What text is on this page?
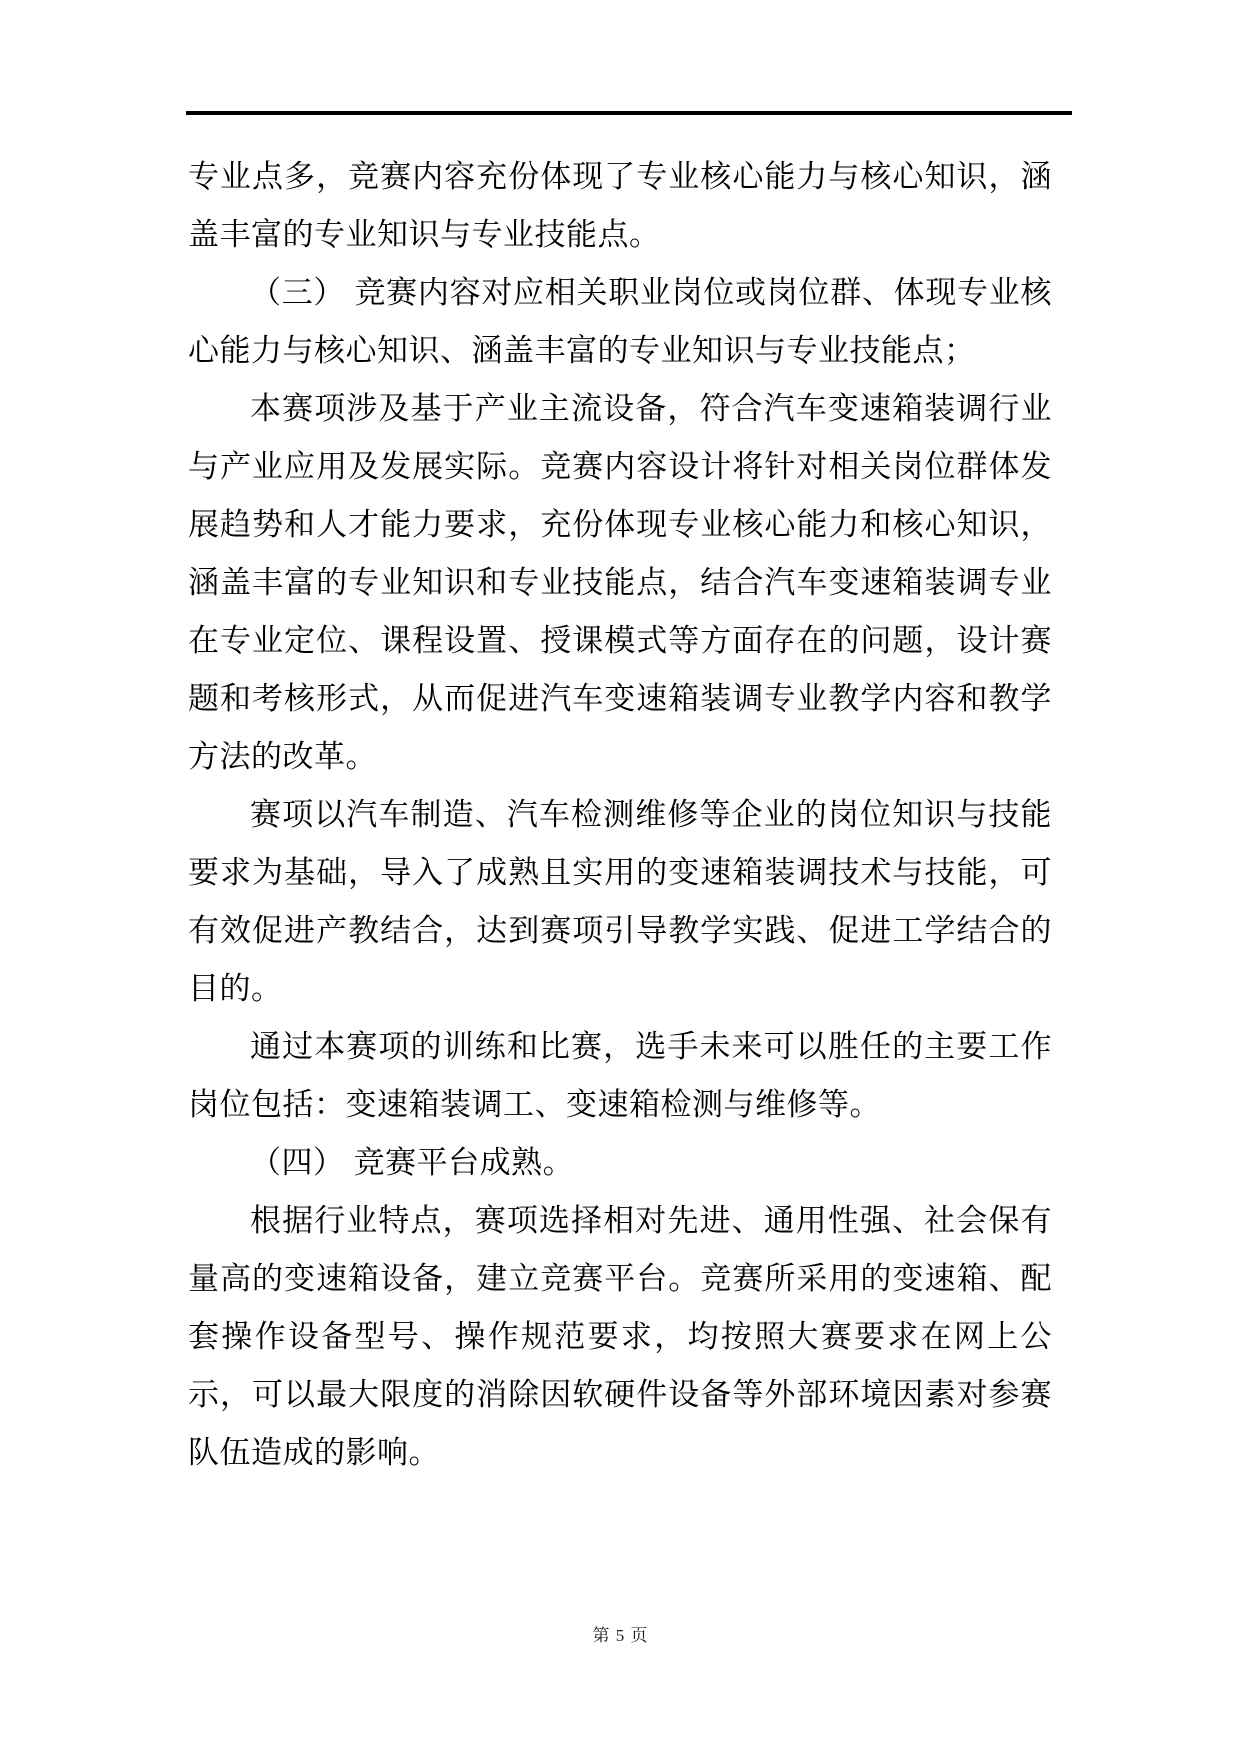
专业点多，竞赛内容充份体现了专业核心能力与核心知识，涵盖丰富的专业知识与专业技能点。

（三） 竞赛内容对应相关职业岗位或岗位群、体现专业核心能力与核心知识、涵盖丰富的专业知识与专业技能点；

本赛项涉及基于产业主流设备，符合汽车变速箱装调行业与产业应用及发展实际。竞赛内容设计将针对相关岗位群体发展趋势和人才能力要求，充份体现专业核心能力和核心知识，涵盖丰富的专业知识和专业技能点，结合汽车变速箱装调专业在专业定位、课程设置、授课模式等方面存在的问题，设计赛题和考核形式，从而促进汽车变速箱装调专业教学内容和教学方法的改革。

赛项以汽车制造、汽车检测维修等企业的岗位知识与技能要求为基础，导入了成熟且实用的变速箱装调技术与技能，可有效促进产教结合，达到赛项引导教学实践、促进工学结合的目的。

通过本赛项的训练和比赛，选手未来可以胜任的主要工作岗位包括：变速箱装调工、变速箱检测与维修等。

（四） 竞赛平台成熟。

根据行业特点，赛项选择相对先进、通用性强、社会保有量高的变速箱设备，建立竞赛平台。竞赛所采用的变速箱、配套操作设备型号、操作规范要求，均按照大赛要求在网上公示，可以最大限度的消除因软硬件设备等外部环境因素对参赛队伍造成的影响。

第 5 页
